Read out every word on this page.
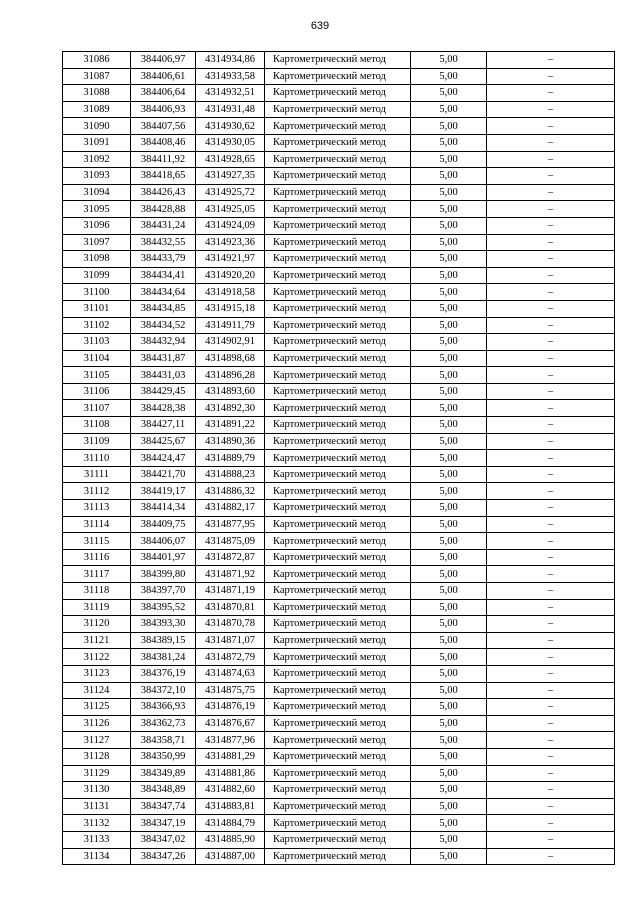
639
31086	384406,97	4314934,86	Картометрический метод	5,00	–
31087	384406,61	4314933,58	Картометрический метод	5,00	–
31088	384406,64	4314932,51	Картометрический метод	5,00	–
31089	384406,93	4314931,48	Картометрический метод	5,00	–
31090	384407,56	4314930,62	Картометрический метод	5,00	–
31091	384408,46	4314930,05	Картометрический метод	5,00	–
31092	384411,92	4314928,65	Картометрический метод	5,00	–
31093	384418,65	4314927,35	Картометрический метод	5,00	–
31094	384426,43	4314925,72	Картометрический метод	5,00	–
31095	384428,88	4314925,05	Картометрический метод	5,00	–
31096	384431,24	4314924,09	Картометрический метод	5,00	–
31097	384432,55	4314923,36	Картометрический метод	5,00	–
31098	384433,79	4314921,97	Картометрический метод	5,00	–
31099	384434,41	4314920,20	Картометрический метод	5,00	–
31100	384434,64	4314918,58	Картометрический метод	5,00	–
31101	384434,85	4314915,18	Картометрический метод	5,00	–
31102	384434,52	4314911,79	Картометрический метод	5,00	–
31103	384432,94	4314902,91	Картометрический метод	5,00	–
31104	384431,87	4314898,68	Картометрический метод	5,00	–
31105	384431,03	4314896,28	Картометрический метод	5,00	–
31106	384429,45	4314893,60	Картометрический метод	5,00	–
31107	384428,38	4314892,30	Картометрический метод	5,00	–
31108	384427,11	4314891,22	Картометрический метод	5,00	–
31109	384425,67	4314890,36	Картометрический метод	5,00	–
31110	384424,47	4314889,79	Картометрический метод	5,00	–
31111	384421,70	4314888,23	Картометрический метод	5,00	–
31112	384419,17	4314886,32	Картометрический метод	5,00	–
31113	384414,34	4314882,17	Картометрический метод	5,00	–
31114	384409,75	4314877,95	Картометрический метод	5,00	–
31115	384406,07	4314875,09	Картометрический метод	5,00	–
31116	384401,97	4314872,87	Картометрический метод	5,00	–
31117	384399,80	4314871,92	Картометрический метод	5,00	–
31118	384397,70	4314871,19	Картометрический метод	5,00	–
31119	384395,52	4314870,81	Картометрический метод	5,00	–
31120	384393,30	4314870,78	Картометрический метод	5,00	–
31121	384389,15	4314871,07	Картометрический метод	5,00	–
31122	384381,24	4314872,79	Картометрический метод	5,00	–
31123	384376,19	4314874,63	Картометрический метод	5,00	–
31124	384372,10	4314875,75	Картометрический метод	5,00	–
31125	384366,93	4314876,19	Картометрический метод	5,00	–
31126	384362,73	4314876,67	Картометрический метод	5,00	–
31127	384358,71	4314877,96	Картометрический метод	5,00	–
31128	384350,99	4314881,29	Картометрический метод	5,00	–
31129	384349,89	4314881,86	Картометрический метод	5,00	–
31130	384348,89	4314882,60	Картометрический метод	5,00	–
31131	384347,74	4314883,81	Картометрический метод	5,00	–
31132	384347,19	4314884,79	Картометрический метод	5,00	–
31133	384347,02	4314885,90	Картометрический метод	5,00	–
31134	384347,26	4314887,00	Картометрический метод	5,00	–
